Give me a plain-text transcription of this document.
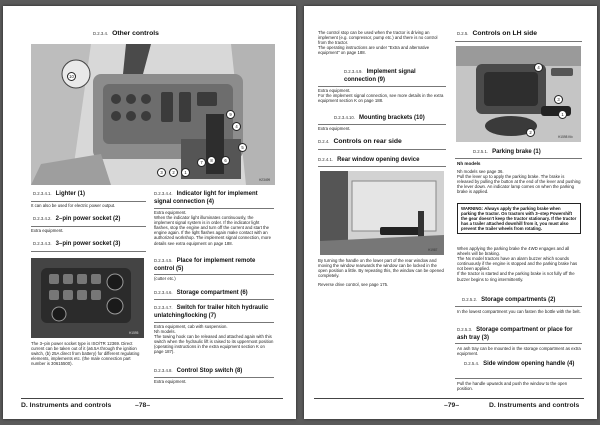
D.2.3.4. Other controls
10
9
4
5
6
8
7
1
2
3
H23499
D.2.3.4.1. Lighter (1)

It can also be used for electric power output.

D.2.3.4.2. 2–pin power socket (2)

Extra equipment.

D.2.3.4.3. 3–pin power socket (3)
H1595

The 3–pin power socket type is ISO/TR 12369. Direct current can be taken out of it (a6.5A through the ignition switch, (b) 25A direct from battery) for different regulating elements, implements etc. (the male connection part number is 30615500).

D.2.3.4.4. Indicator light for implement signal connection (4)

Extra equipment.
When the indicator light illuminates continuously, the implement signal system is in order. If the indicator light flashes, stop the engine and turn off the current and start the engine again. If the light flashes again make contact with an authorized workshop. The implement signal connection, more details see extra equipment on page 188.

D.2.3.4.5. Place for implement remote control (5)

(cutter etc.)

D.2.3.4.6. Storage compartment (6)
D.2.3.4.7. Switch for trailer hitch hydraulic unlatching/locking (7)

Extra equipment, cab with suspension.
Nh models.
The towing hook can be released and attached again with this switch when the hydraulic lift is raised to its uppermost position (operating instructions in the extra equipment section K on page 187).

D.2.3.4.8. Control Stop switch (8)

Extra equipment.

D. Instruments and controls	–78–

The control stop can be used when the tractor is driving an implement (e.g. compressor, pump etc.) and there is no control from the tractor.
The operating instructions are under "Extra and alternative equipment" on page 188.

D.2.3.4.9. Implement signal connection (9)

Extra equipment.
For the implement signal connection, see more details in the extra equipment section K on page 188.

D.2.3.4.10. Mounting brackets (10)

Extra equipment.

D.2.4. Controls on rear side
D.2.4.1. Rear window opening device
H1987

By turning the handle on the lower part of the rear window and moving the window rearwards the window can be locked in the open position a little. By repeating this, the window can be opened completely.

Reverse drive control, see page 175.

D.2.5. Controls on LH side
4
3
1
2
H1598 Kfc
D.2.5.1. Parking brake (1)
Nh models

Nh models see page 36.
Pull the lever up to apply the parking brake. The brake is released by pulling the button at the end of the lever and pushing the lever down. An indicator lamp comes on when the parking brake is applied.

WARNING: Always apply the parking brake when parking the tractor. On tractors with 3–step Powershift the gear doesn't keep the tractor stationary. If the tractor has a trailer attached downhill from it, you must also prevent the trailer wheels from rotating.

When applying the parking brake the 4WD engages and all wheels will be braking.
The Nx model tractors have an alarm buzzer which sounds continuously if the engine is stopped and the parking brake has not been applied.
If the tractor is started and the parking brake is not fully off the buzzer begins to ring intermittently.

D.2.5.2. Storage compartments (2)

In the lowest compartment you can fasten the bottle with the belt.

D.2.5.3. Storage compartment or place for ash tray (3)

An ash tray can be mounted in the storage compartment as extra equipment.

D.2.5.4. Side window opening handle (4)

Pull the handle upwards and push the window to the open position.

–79–	D. Instruments and controls
